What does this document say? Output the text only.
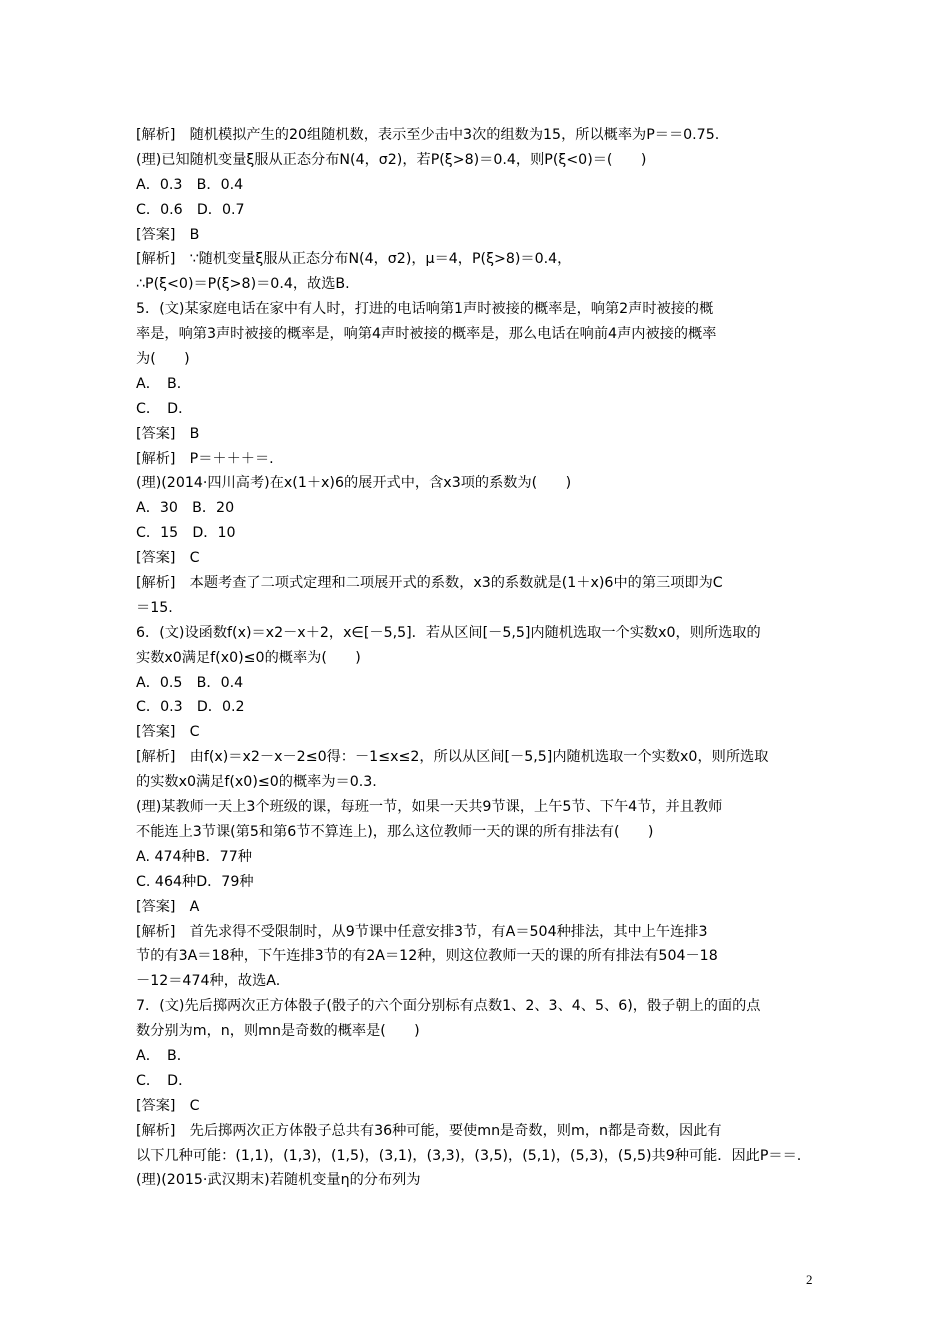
[解析]　随机模拟产生的20组随机数，表示至少击中3次的组数为15，所以概率为P＝＝0.75.
(理)已知随机变量ξ服从正态分布N(4，σ2)，若P(ξ>8)＝0.4，则P(ξ<0)＝(　　)
A．0.3　B．0.4
C．0.6　D．0.7
[答案]　B
[解析]　∵随机变量ξ服从正态分布N(4，σ2)，μ＝4，P(ξ>8)＝0.4，
∴P(ξ<0)＝P(ξ>8)＝0.4，故选B.
5．(文)某家庭电话在家中有人时，打进的电话响第1声时被接的概率是，响第2声时被接的概
率是，响第3声时被接的概率是，响第4声时被接的概率是，那么电话在响前4声内被接的概率
为(　　)
A．　B．
C．　D．
[答案]　B
[解析]　P＝＋＋＋＝.
(理)(2014·四川高考)在x(1＋x)6的展开式中，含x3项的系数为(　　)
A．30　B．20
C．15　D．10
[答案]　C
[解析]　本题考查了二项式定理和二项展开式的系数，x3的系数就是(1＋x)6中的第三项即为C
＝15.
6．(文)设函数f(x)＝x2－x＋2，x∈[－5,5]．若从区间[－5,5]内随机选取一个实数x0，则所选取的
实数x0满足f(x0)≤0的概率为(　　)
A．0.5　B．0.4
C．0.3　D．0.2
[答案]　C
[解析]　由f(x)＝x2－x－2≤0得：－1≤x≤2，所以从区间[－5,5]内随机选取一个实数x0，则所选取
的实数x0满足f(x0)≤0的概率为＝0.3.
(理)某教师一天上3个班级的课，每班一节，如果一天共9节课，上午5节、下午4节，并且教师
不能连上3节课(第5和第6节不算连上)，那么这位教师一天的课的所有排法有(　　)
A. 474种B．77种
C. 464种D．79种
[答案]　A
[解析]　首先求得不受限制时，从9节课中任意安排3节，有A＝504种排法，其中上午连排3
节的有3A＝18种，下午连排3节的有2A＝12种，则这位教师一天的课的所有排法有504－18
－12＝474种，故选A.
7．(文)先后掷两次正方体骰子(骰子的六个面分别标有点数1、2、3、4、5、6)，骰子朝上的面的点
数分别为m，n，则mn是奇数的概率是(　　)
A．　B．
C．　D．
[答案]　C
[解析]　先后掷两次正方体骰子总共有36种可能，要使mn是奇数，则m，n都是奇数，因此有
以下几种可能：(1,1)，(1,3)，(1,5)，(3,1)，(3,3)，(3,5)，(5,1)，(5,3)，(5,5)共9种可能．因此P＝＝.
(理)(2015·武汉期末)若随机变量η的分布列为
2
